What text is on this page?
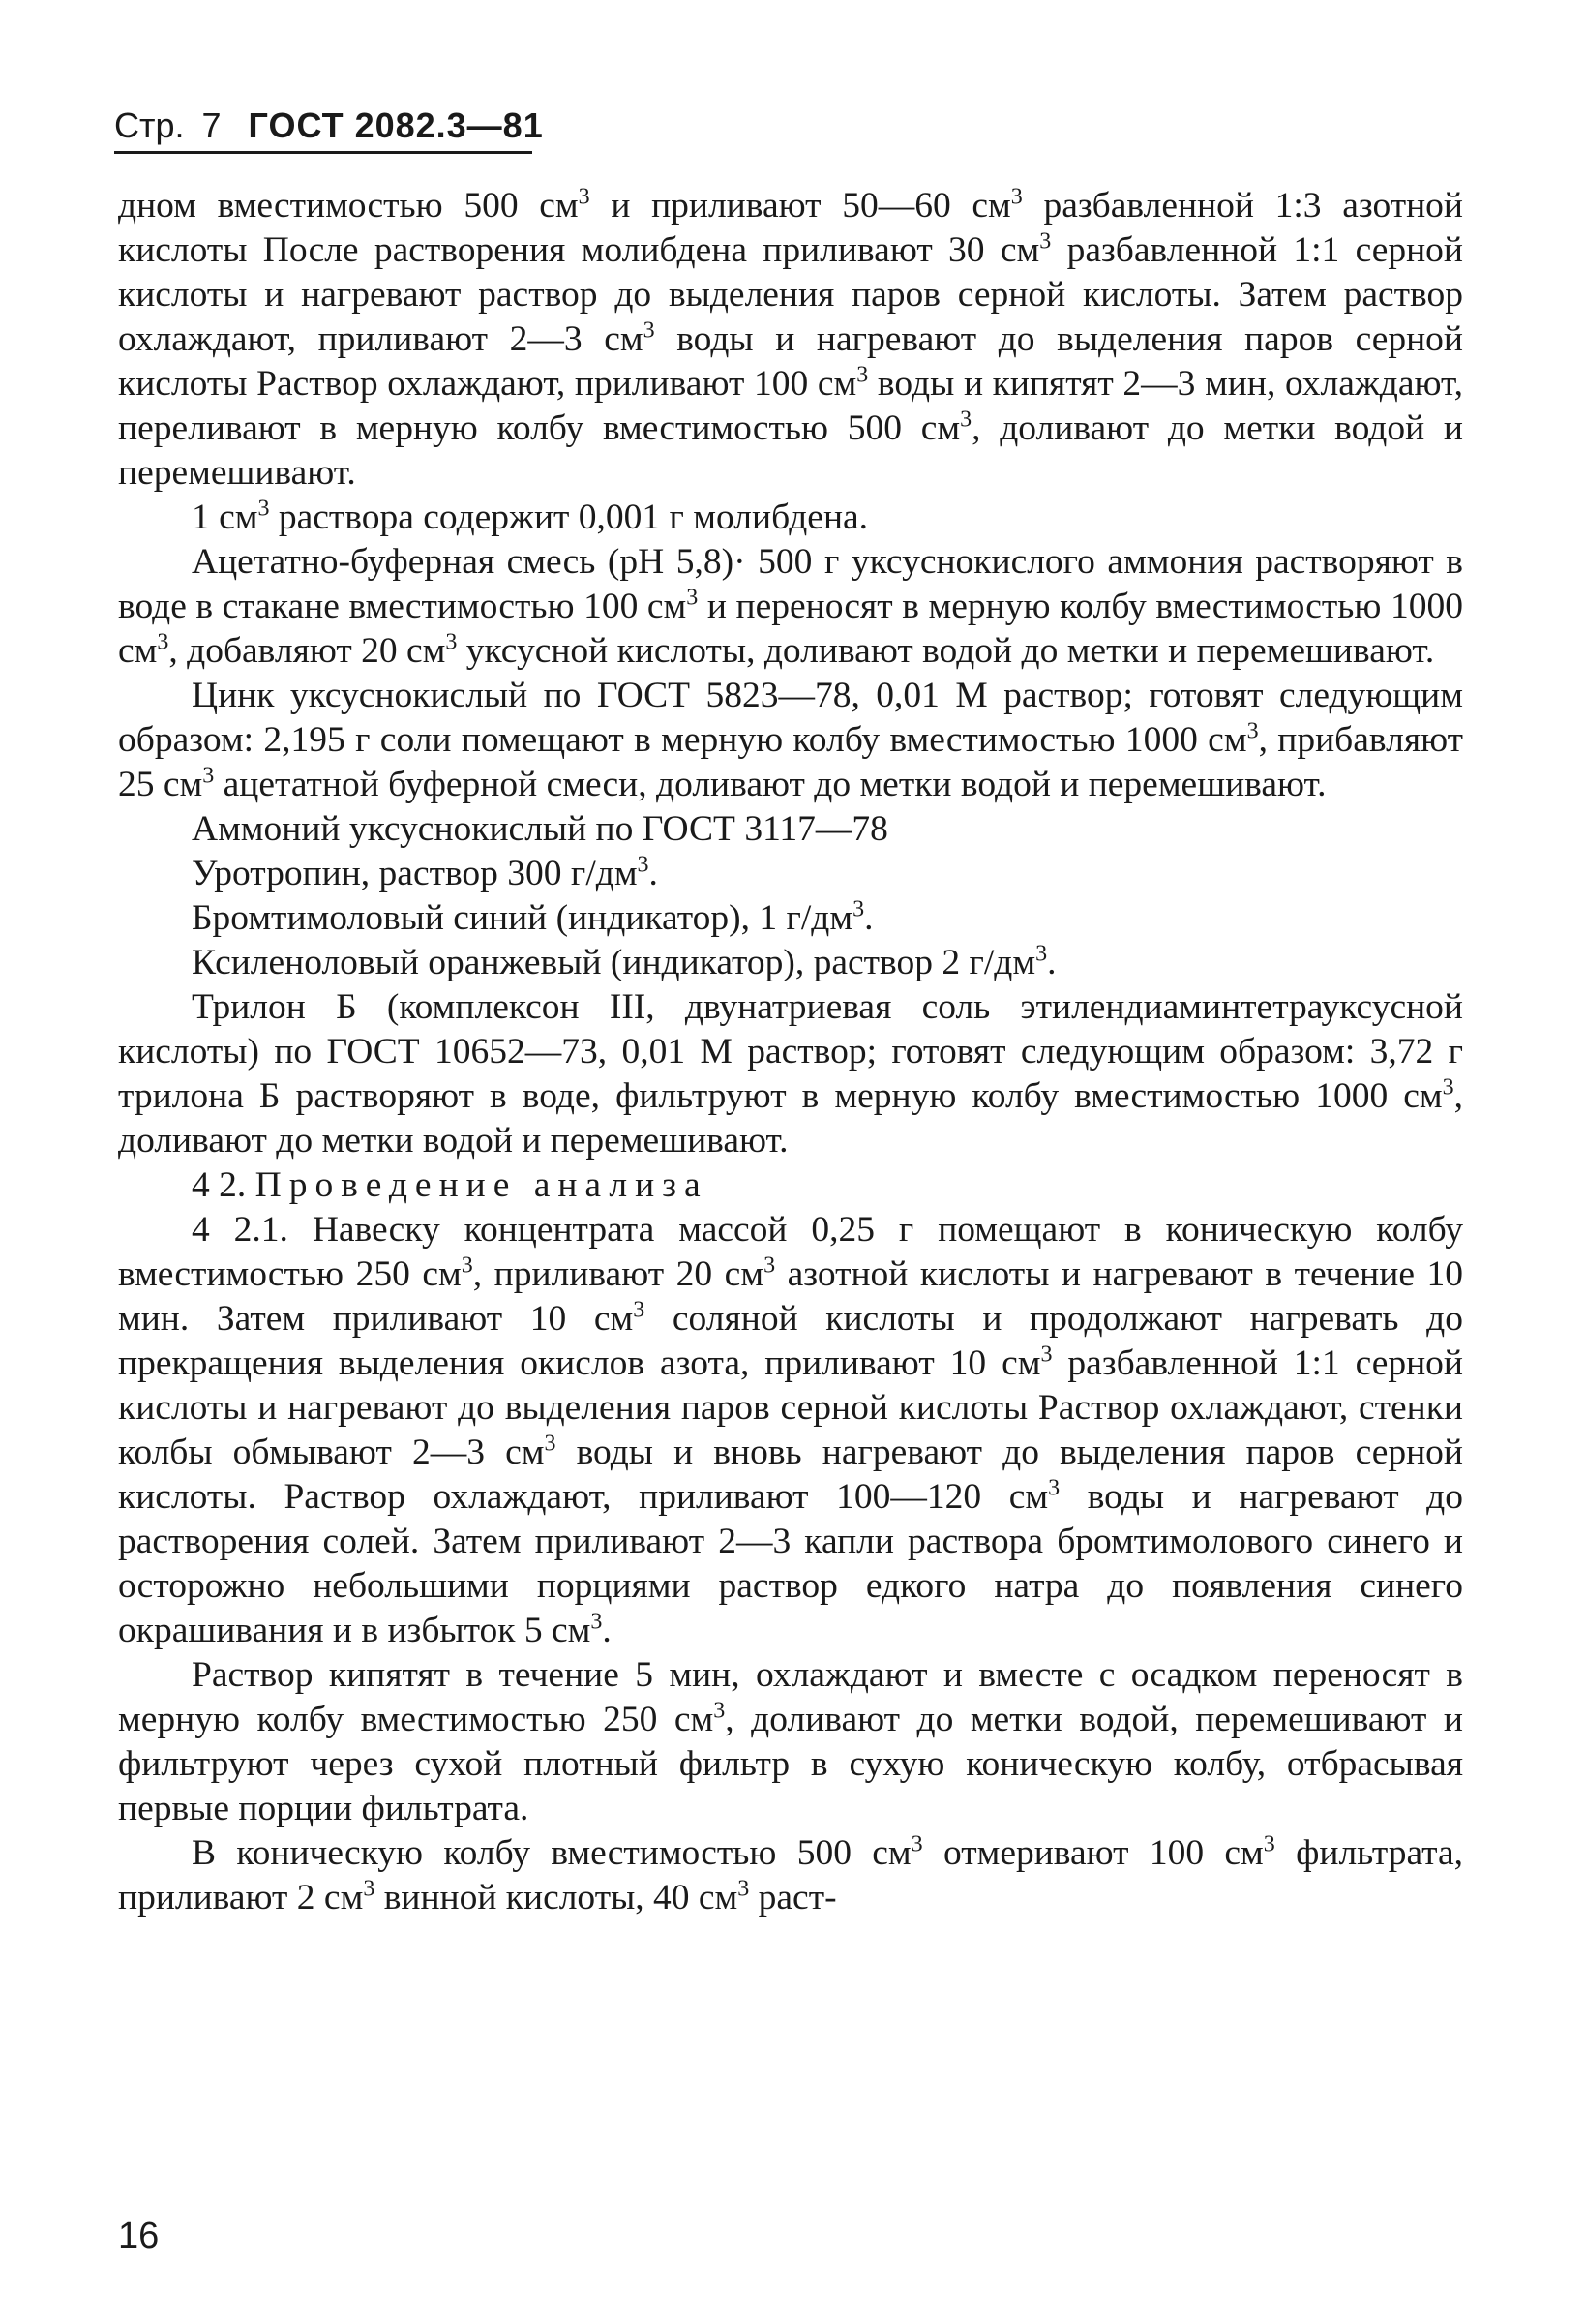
Стр. 7 ГОСТ 2082.3—81

дном вместимостью 500 $см^3$ и приливают 50—60 $см^3$ разбавленной 1:3 азотной кислоты После растворения молибдена приливают 30 $см^3$ разбавленной 1:1 серной кислоты и нагревают раствор до выделения паров серной кислоты. Затем раствор охлаждают, приливают 2—3 $см^3$ воды и нагревают до выделения паров серной кислоты Раствор охлаждают, приливают 100 $см^3$ воды и кипятят 2—3 мин, охлаждают, переливают в мерную колбу вместимостью 500 $см^3$, доливают до метки водой и перемешивают.

1 $см^3$ раствора содержит 0,001 г молибдена.

Ацетатно-буферная смесь (pH 5,8)· 500 г уксуснокислого аммония растворяют в воде в стакане вместимостью 100 $см^3$ и переносят в мерную колбу вместимостью 1000 $см^3$, добавляют 20 $см^3$ уксусной кислоты, доливают водой до метки и перемешивают.

Цинк уксуснокислый по ГОСТ 5823—78, 0,01 М раствор; готовят следующим образом: 2,195 г соли помещают в мерную колбу вместимостью 1000 $см^3$, прибавляют 25 $см^3$ ацетатной буферной смеси, доливают до метки водой и перемешивают.

Аммоний уксуснокислый по ГОСТ 3117—78

Уротропин, раствор 300 $г/дм^3$.

Бромтимоловый синий (индикатор), 1 $г/дм^3$.

Ксиленоловый оранжевый (индикатор), раствор 2 $г/дм^3$.

Трилон Б (комплексон III, двунатриевая соль этилендиаминтетрауксусной кислоты) по ГОСТ 10652—73, 0,01 М раствор; готовят следующим образом: 3,72 г трилона Б растворяют в воде, фильтруют в мерную колбу вместимостью 1000 $см^3$, доливают до метки водой и перемешивают.

4 2. Проведение анализа

4 2.1. Навеску концентрата массой 0,25 г помещают в коническую колбу вместимостью 250 $см^3$, приливают 20 $см^3$ азотной кислоты и нагревают в течение 10 мин. Затем приливают 10 $см^3$ соляной кислоты и продолжают нагревать до прекращения выделения окислов азота, приливают 10 $см^3$ разбавленной 1:1 серной кислоты и нагревают до выделения паров серной кислоты Раствор охлаждают, стенки колбы обмывают 2—3 $см^3$ воды и вновь нагревают до выделения паров серной кислоты. Раствор охлаждают, приливают 100—120 $см^3$ воды и нагревают до растворения солей. Затем приливают 2—3 капли раствора бромтимолового синего и осторожно небольшими порциями раствор едкого натра до появления синего окрашивания и в избыток 5 $см^3$.

Раствор кипятят в течение 5 мин, охлаждают и вместе с осадком переносят в мерную колбу вместимостью 250 $см^3$, доливают до метки водой, перемешивают и фильтруют через сухой плотный фильтр в сухую коническую колбу, отбрасывая первые порции фильтрата.

В коническую колбу вместимостью 500 $см^3$ отмеривают 100 $см^3$ фильтрата, приливают 2 $см^3$ винной кислоты, 40 $см^3$ раст-

16
